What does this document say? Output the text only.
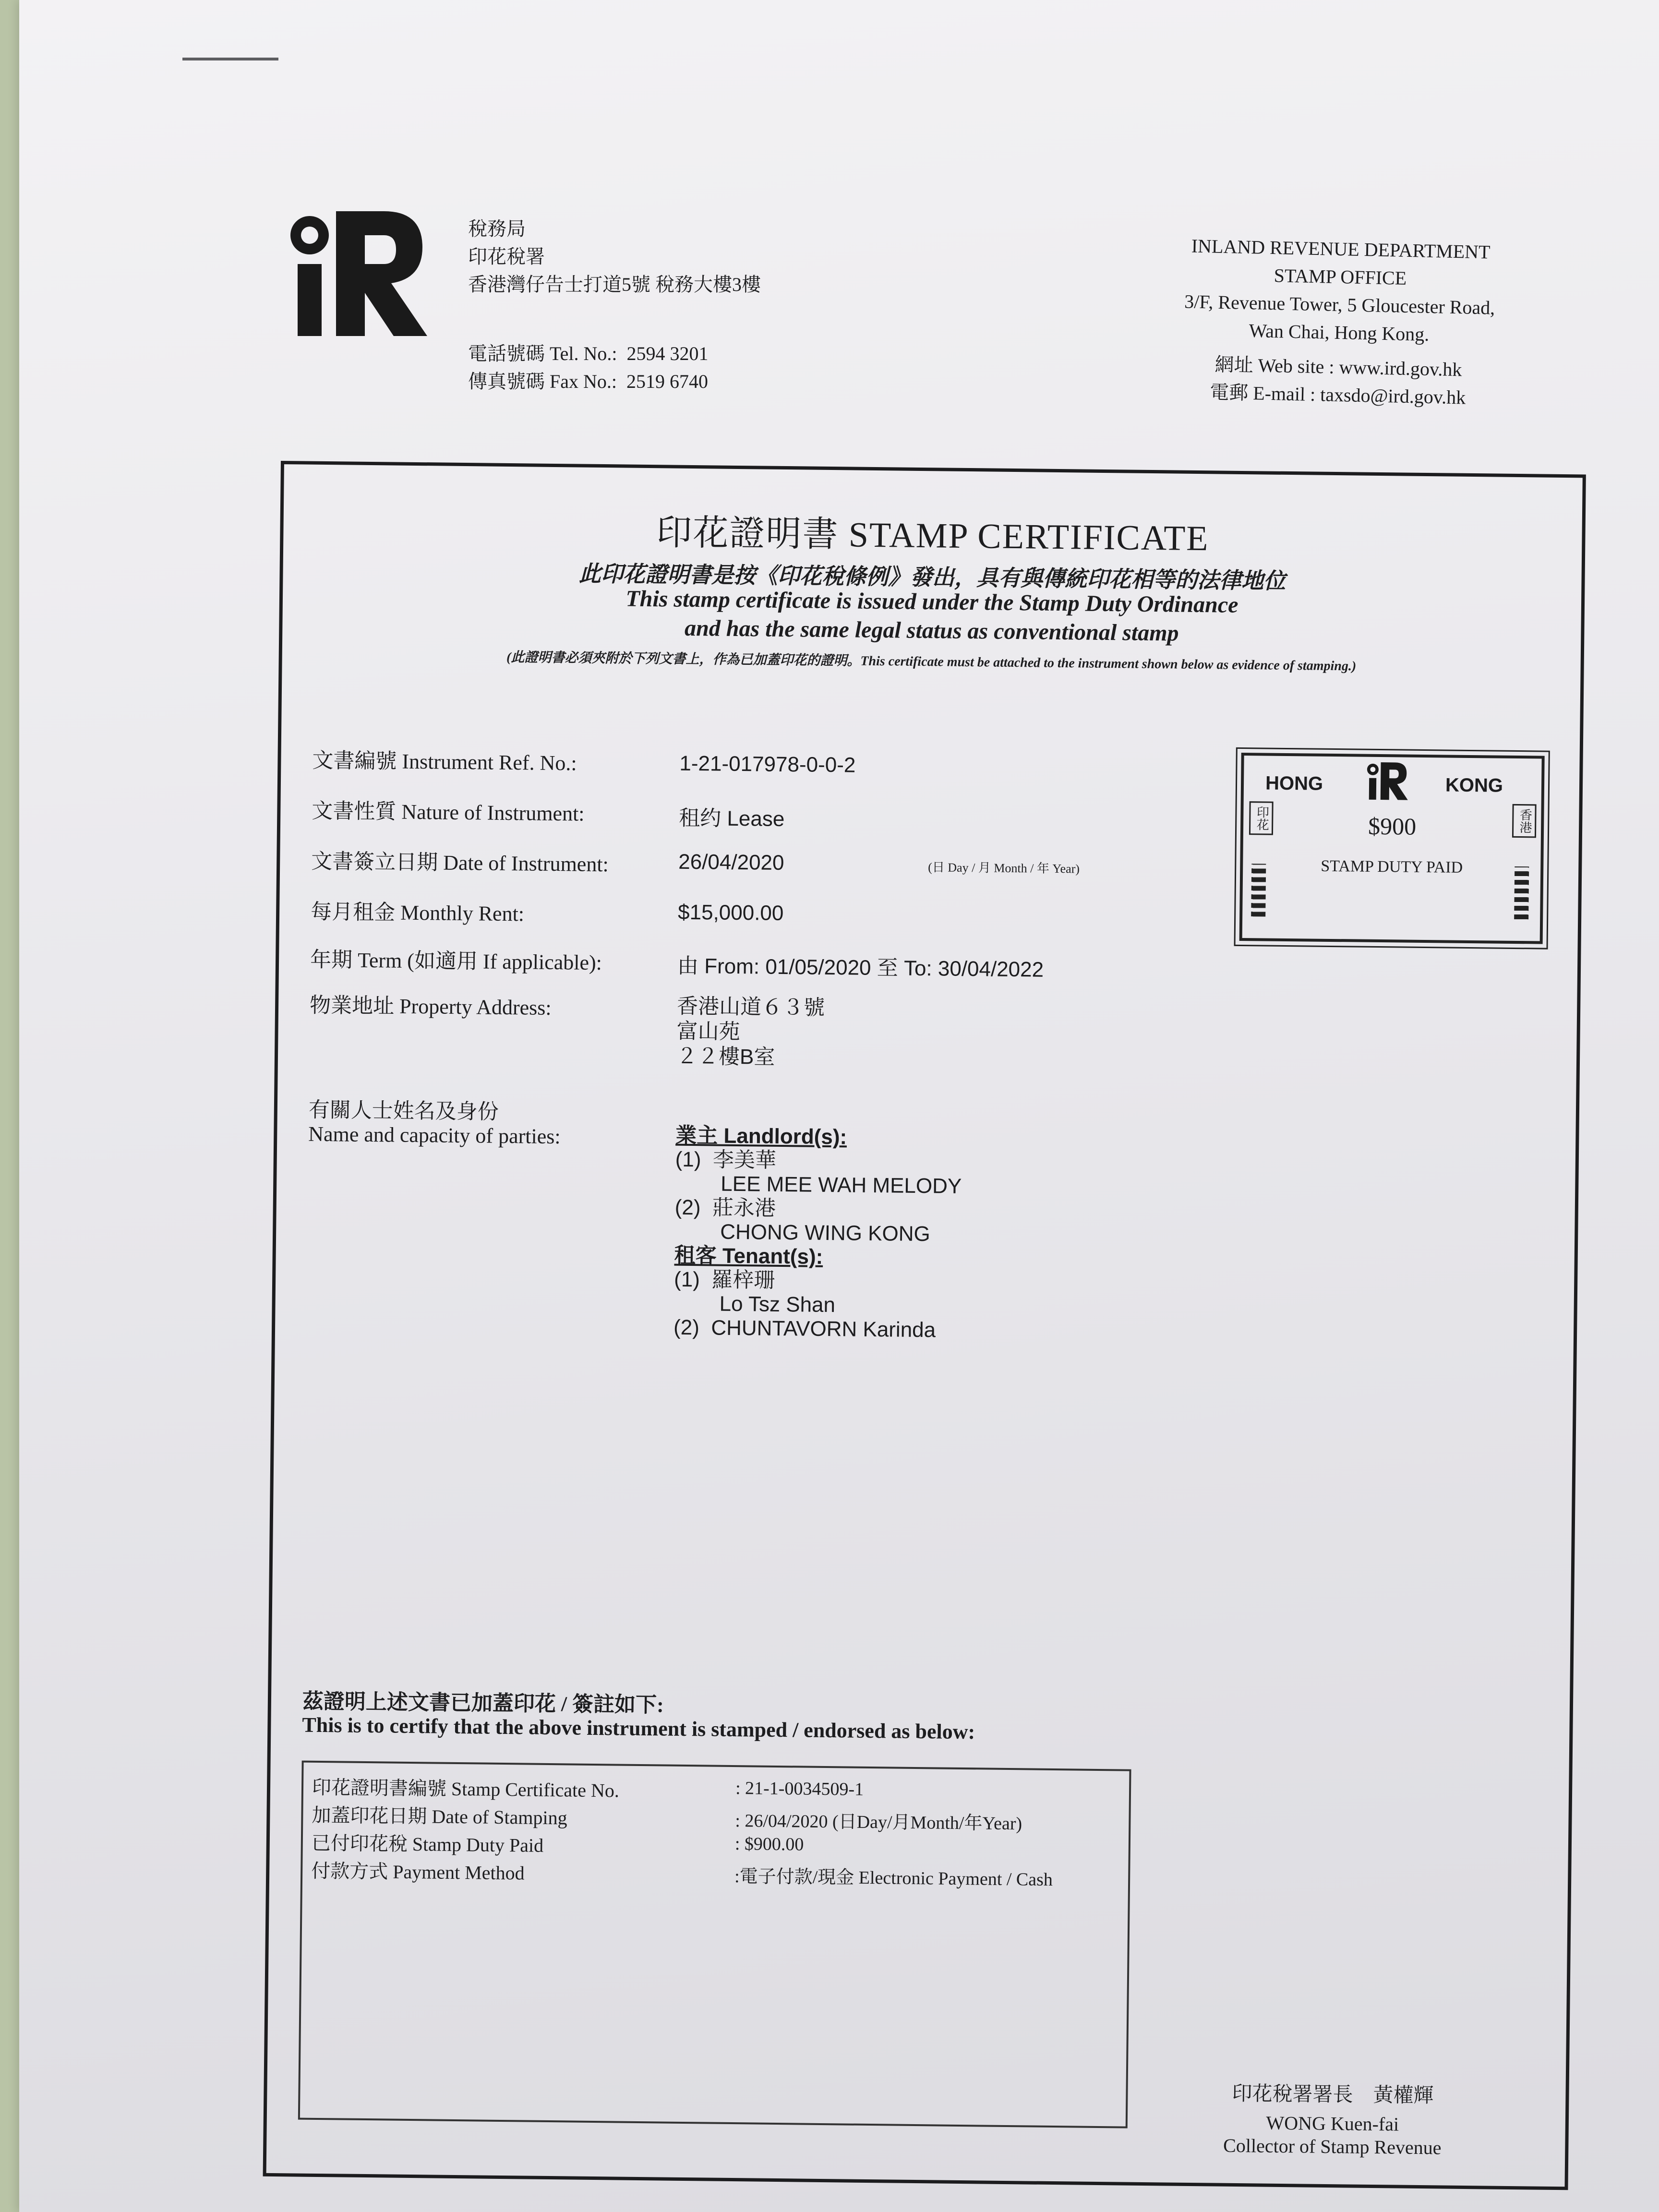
稅務局
印花稅署
香港灣仔告士打道5號 稅務大樓3樓
電話號碼 Tel. No.: 2594 3201
傳真號碼 Fax No.: 2519 6740
INLAND REVENUE DEPARTMENT
STAMP OFFICE
3/F, Revenue Tower, 5 Gloucester Road,
Wan Chai, Hong Kong.
網址 Web site : www.ird.gov.hk
電郵 E-mail : taxsdo@ird.gov.hk
印花證明書 STAMP CERTIFICATE
此印花證明書是按《印花稅條例》發出，具有與傳統印花相等的法律地位
This stamp certificate is issued under the Stamp Duty Ordinance
and has the same legal status as conventional stamp
(此證明書必須夾附於下列文書上，作為已加蓋印花的證明。This certificate must be attached to the instrument shown below as evidence of stamping.)
文書編號 Instrument Ref. No.:	1-21-017978-0-0-2
文書性質 Nature of Instrument:	租约 Lease
文書簽立日期 Date of Instrument:	26/04/2020	(日 Day / 月 Month / 年 Year)
每月租金 Monthly Rent:	$15,000.00
年期 Term (如適用 If applicable):	由 From: 01/05/2020 至 To: 30/04/2022
物業地址 Property Address:	香港山道６３號
富山苑
２２樓B室
有關人士姓名及身份
Name and capacity of parties:	業主 Landlord(s):
(1) 李美華
LEE MEE WAH MELODY
(2) 莊永港
CHONG WING KONG
租客 Tenant(s):
(1) 羅梓珊
Lo Tsz Shan
(2) CHUNTAVORN Karinda
HONG	KONG
$900
STAMP DUTY PAID
印花	香港
茲證明上述文書已加蓋印花 / 簽註如下:
This is to certify that the above instrument is stamped / endorsed as below:
印花證明書編號 Stamp Certificate No.	: 21-1-0034509-1
加蓋印花日期 Date of Stamping	: 26/04/2020 (日Day/月Month/年Year)
已付印花稅 Stamp Duty Paid	: $900.00
付款方式 Payment Method	:電子付款/現金 Electronic Payment / Cash
印花稅署署長　黃權輝
WONG Kuen-fai
Collector of Stamp Revenue
